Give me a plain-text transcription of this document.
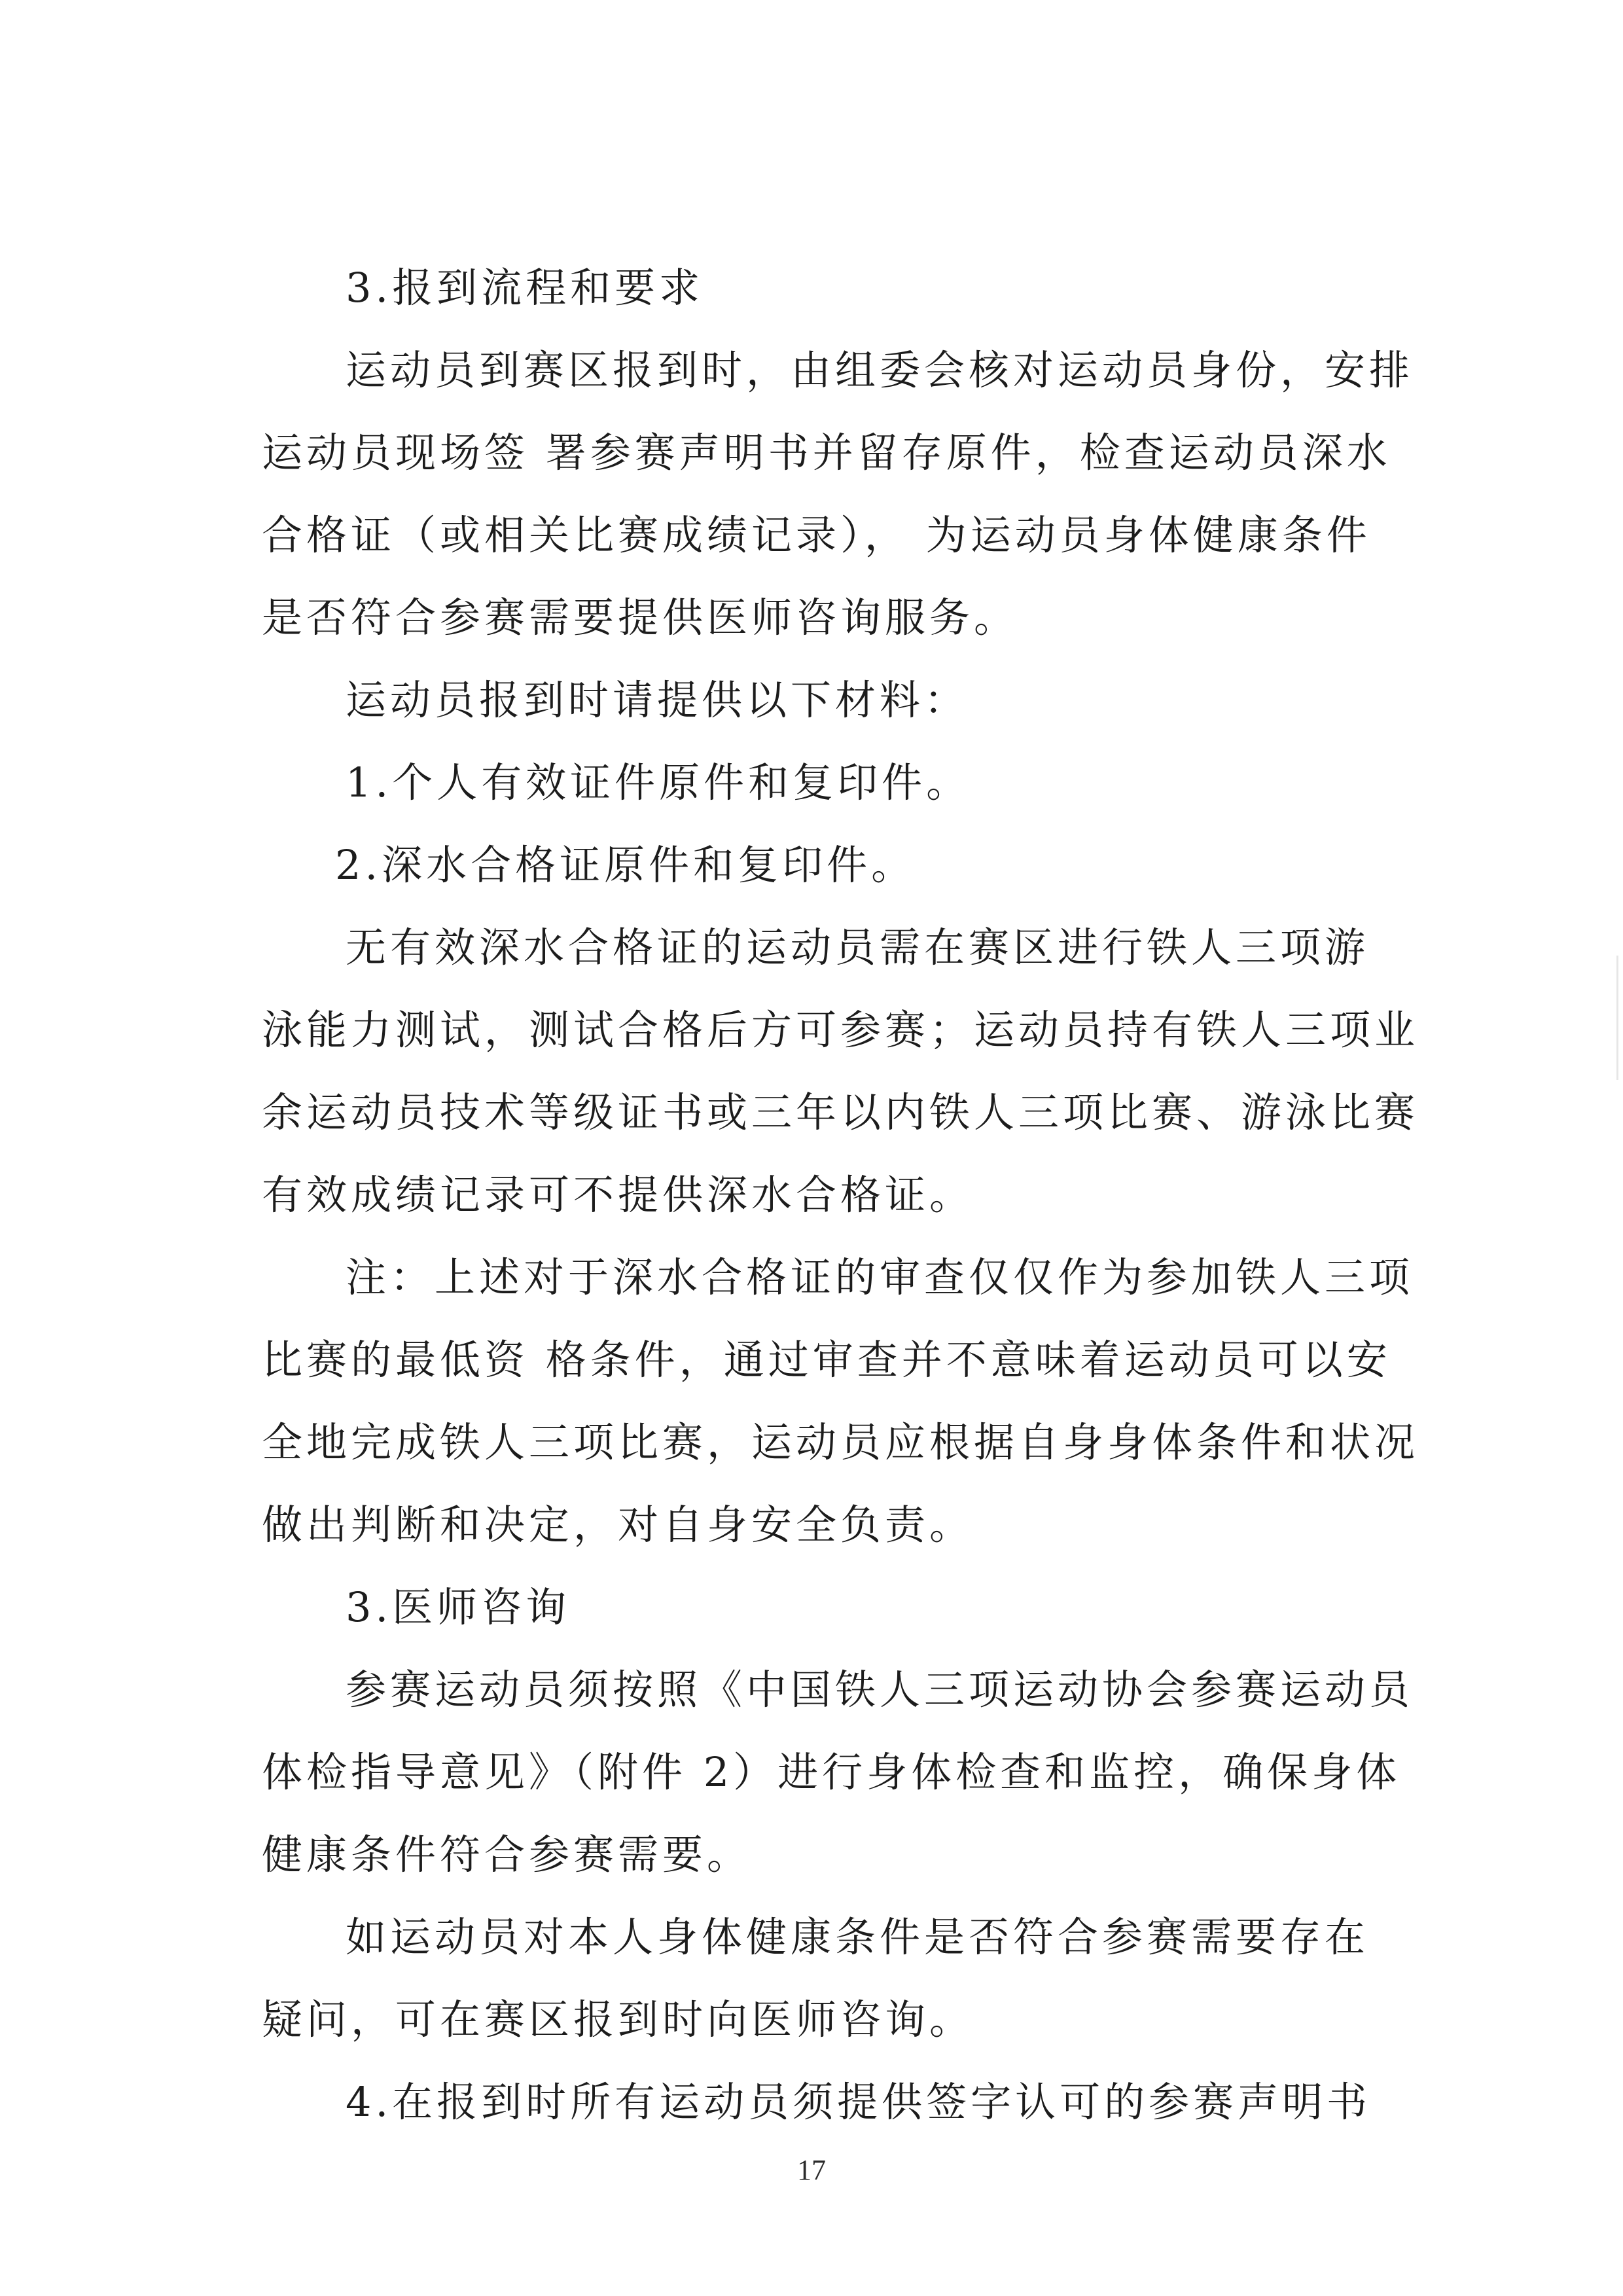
3.报到流程和要求
运动员到赛区报到时，由组委会核对运动员身份，安排
运动员现场签 署参赛声明书并留存原件，检查运动员深水
合格证（或相关比赛成绩记录）， 为运动员身体健康条件
是否符合参赛需要提供医师咨询服务。
运动员报到时请提供以下材料：
1.个人有效证件原件和复印件。
2.深水合格证原件和复印件。
无有效深水合格证的运动员需在赛区进行铁人三项游
泳能力测试，测试合格后方可参赛；运动员持有铁人三项业
余运动员技术等级证书或三年以内铁人三项比赛、游泳比赛
有效成绩记录可不提供深水合格证。
注：上述对于深水合格证的审查仅仅作为参加铁人三项
比赛的最低资 格条件，通过审查并不意味着运动员可以安
全地完成铁人三项比赛，运动员应根据自身身体条件和状况
做出判断和决定，对自身安全负责。
3.医师咨询
参赛运动员须按照《中国铁人三项运动协会参赛运动员
体检指导意见》（附件 2）进行身体检查和监控，确保身体
健康条件符合参赛需要。
如运动员对本人身体健康条件是否符合参赛需要存在
疑问，可在赛区报到时向医师咨询。
4.在报到时所有运动员须提供签字认可的参赛声明书
17
